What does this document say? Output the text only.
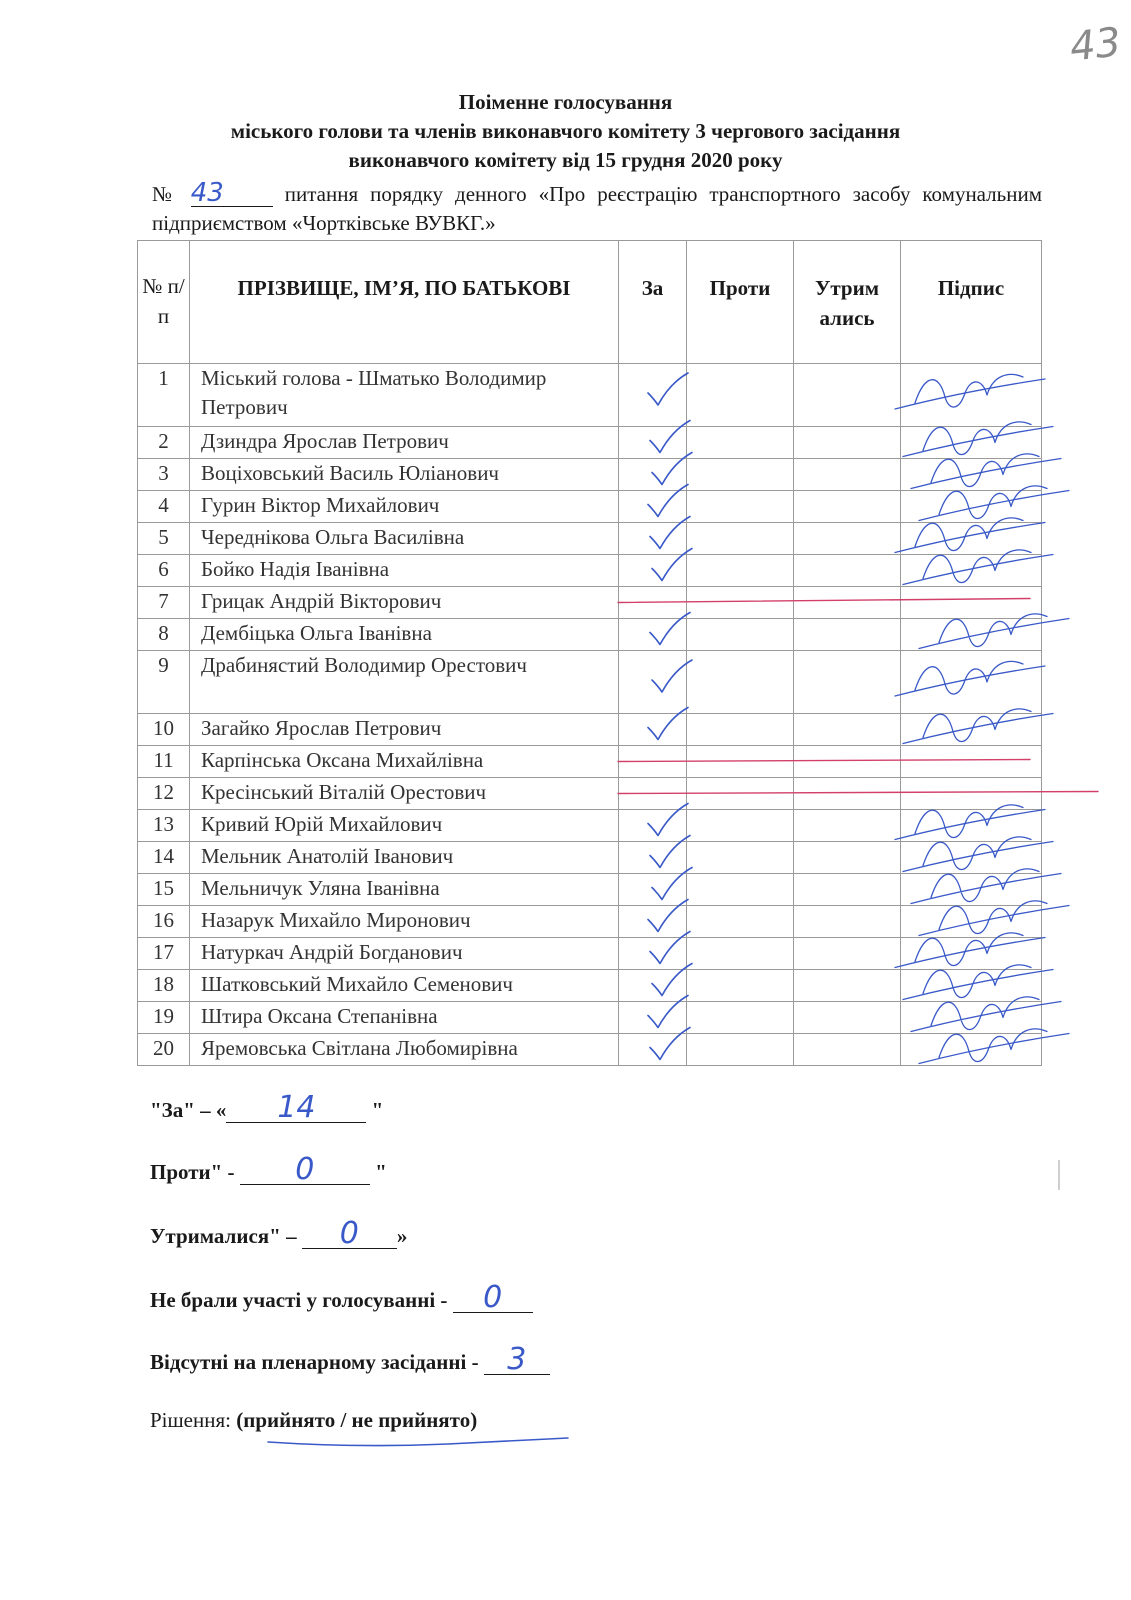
43
Поіменне голосування
міського голови та членів виконавчого комітету 3 чергового засідання
виконавчого комітету від 15 грудня 2020 року
№ 43	питання порядку денного «Про реєстрацію транспортного засобу комунальним підприємством «Чортківське ВУВКГ.»
№ п/п	ПРІЗВИЩЕ, ІМ’Я, ПО БАТЬКОВІ	За	Проти	Утрим ались	Підпис
1	Міський голова - Шматько Володимир Петрович				
2	Дзиндра Ярослав Петрович				
3	Воціховський Василь Юліанович				
4	Гурин Віктор Михайлович				
5	Череднікова Ольга Василівна				
6	Бойко Надія Іванівна				
7	Грицак Андрій Вікторович				
8	Дембіцька Ольга Іванівна				
9	Драбинястий Володимир Орестович				
10	Загайко Ярослав Петрович				
11	Карпінська Оксана Михайлівна				
12	Кресінський Віталій Орестович				
13	Кривий Юрій Михайлович				
14	Мельник Анатолій Іванович				
15	Мельничук Уляна Іванівна				
16	Назарук Михайло Миронович				
17	Натуркач Андрій Богданович				
18	Шатковський Михайло Семенович				
19	Штира Оксана Степанівна				
20	Яремовська Світлана Любомирівна				
"За" – « 14	"
Проти" - 0	"
Утрималися" – 0 »
Не брали участі у голосуванні - 0
Відсутні на пленарному засіданні - 3
Рішення: (прийнято / не прийнято)
